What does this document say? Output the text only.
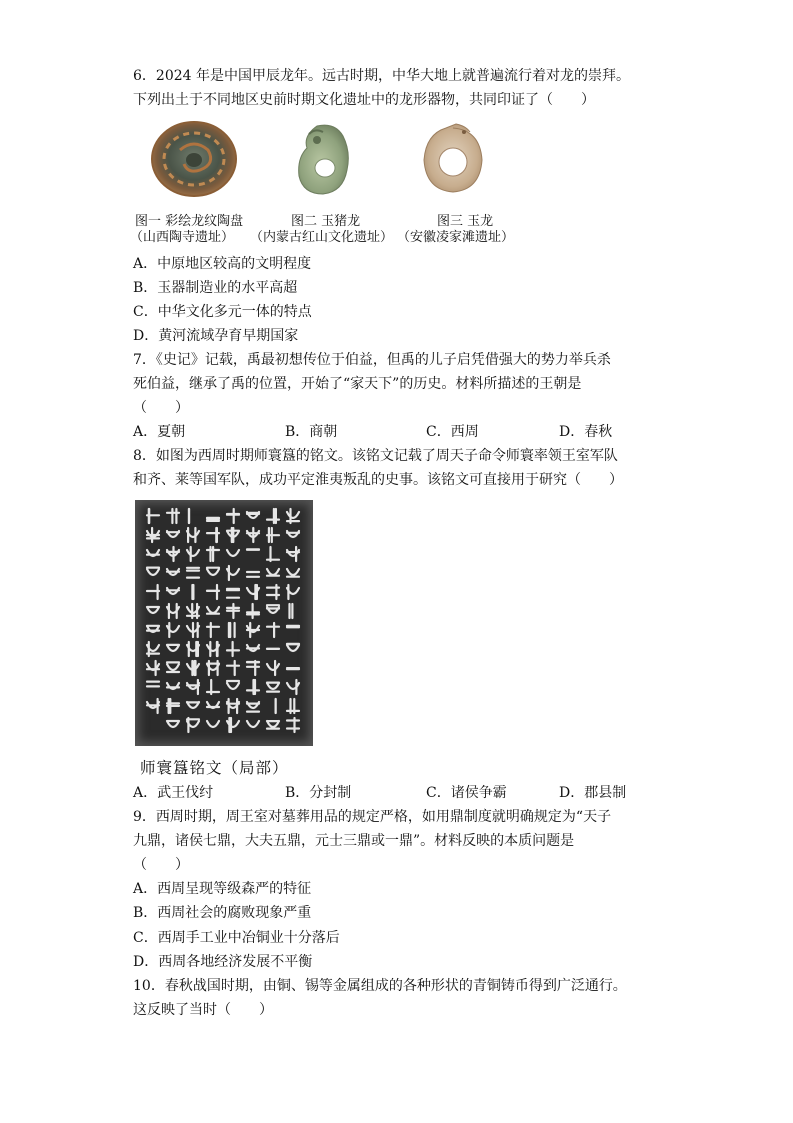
6．2024 年是中国甲辰龙年。远古时期，中华大地上就普遍流行着对龙的崇拜。
下列出土于不同地区史前时期文化遗址中的龙形器物，共同印证了（　　）
图一 彩绘龙纹陶盘	图二 玉猪龙	图三 玉龙
（山西陶寺遗址） （内蒙古红山文化遗址） （安徽凌家滩遗址）
A．中原地区较高的文明程度
B．玉器制造业的水平高超
C．中华文化多元一体的特点
D．黄河流域孕育早期国家
7．《史记》记载，禹最初想传位于伯益，但禹的儿子启凭借强大的势力举兵杀
死伯益，继承了禹的位置，开始了“家天下”的历史。材料所描述的王朝是
（　　）
A．夏朝	B．商朝	C．西周	D．春秋
8．如图为西周时期师寰簋的铭文。该铭文记载了周天子命令师寰率领王室军队
和齐、莱等国军队，成功平定淮夷叛乱的史事。该铭文可直接用于研究（　　）
师寰簋铭文（局部）
A．武王伐纣	B．分封制	C．诸侯争霸	D．郡县制
9．西周时期，周王室对墓葬用品的规定严格，如用鼎制度就明确规定为“天子
九鼎，诸侯七鼎，大夫五鼎，元士三鼎或一鼎”。材料反映的本质问题是
（　　）
A．西周呈现等级森严的特征
B．西周社会的腐败现象严重
C．西周手工业中冶铜业十分落后
D．西周各地经济发展不平衡
10．春秋战国时期，由铜、锡等金属组成的各种形状的青铜铸币得到广泛通行。
这反映了当时（　　）
